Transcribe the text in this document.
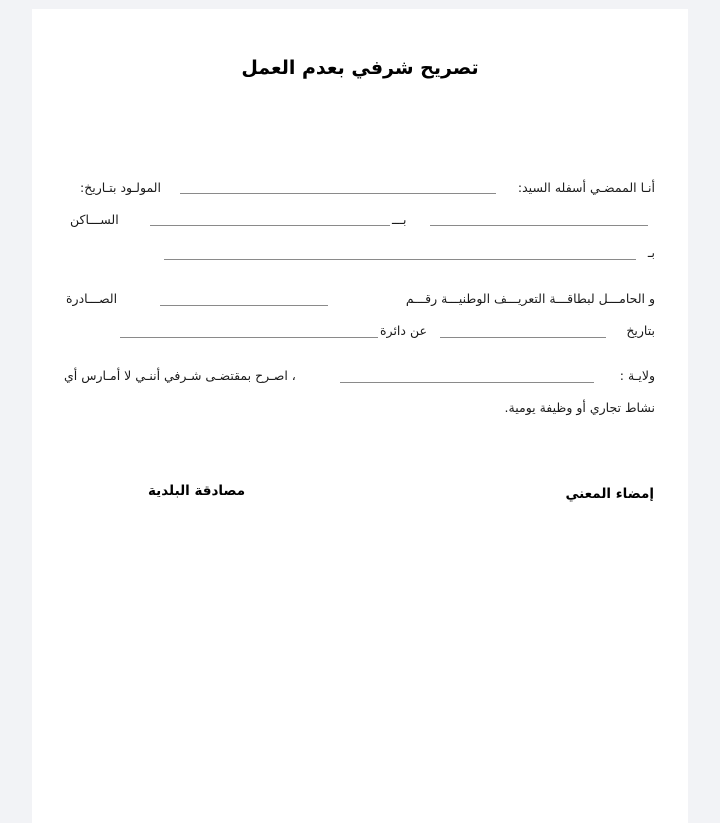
تصريح شرفي بعدم العمل
أنـا الممضـي أسفله السيد:
المولـود بتـاريخ:
بـــ
الســـاكن
بـ
و الحامـــل لبطاقـــة التعريـــف الوطنيـــة رقـــم
الصـــادرة
بتاريخ
عن دائرة
ولايـة :
، اصـرح بمقتضـى شـرفي أننـي لا أمـارس أي
نشاط تجاري أو وظيفة يومية.
إمضاء المعني
مصادقة البلدية
